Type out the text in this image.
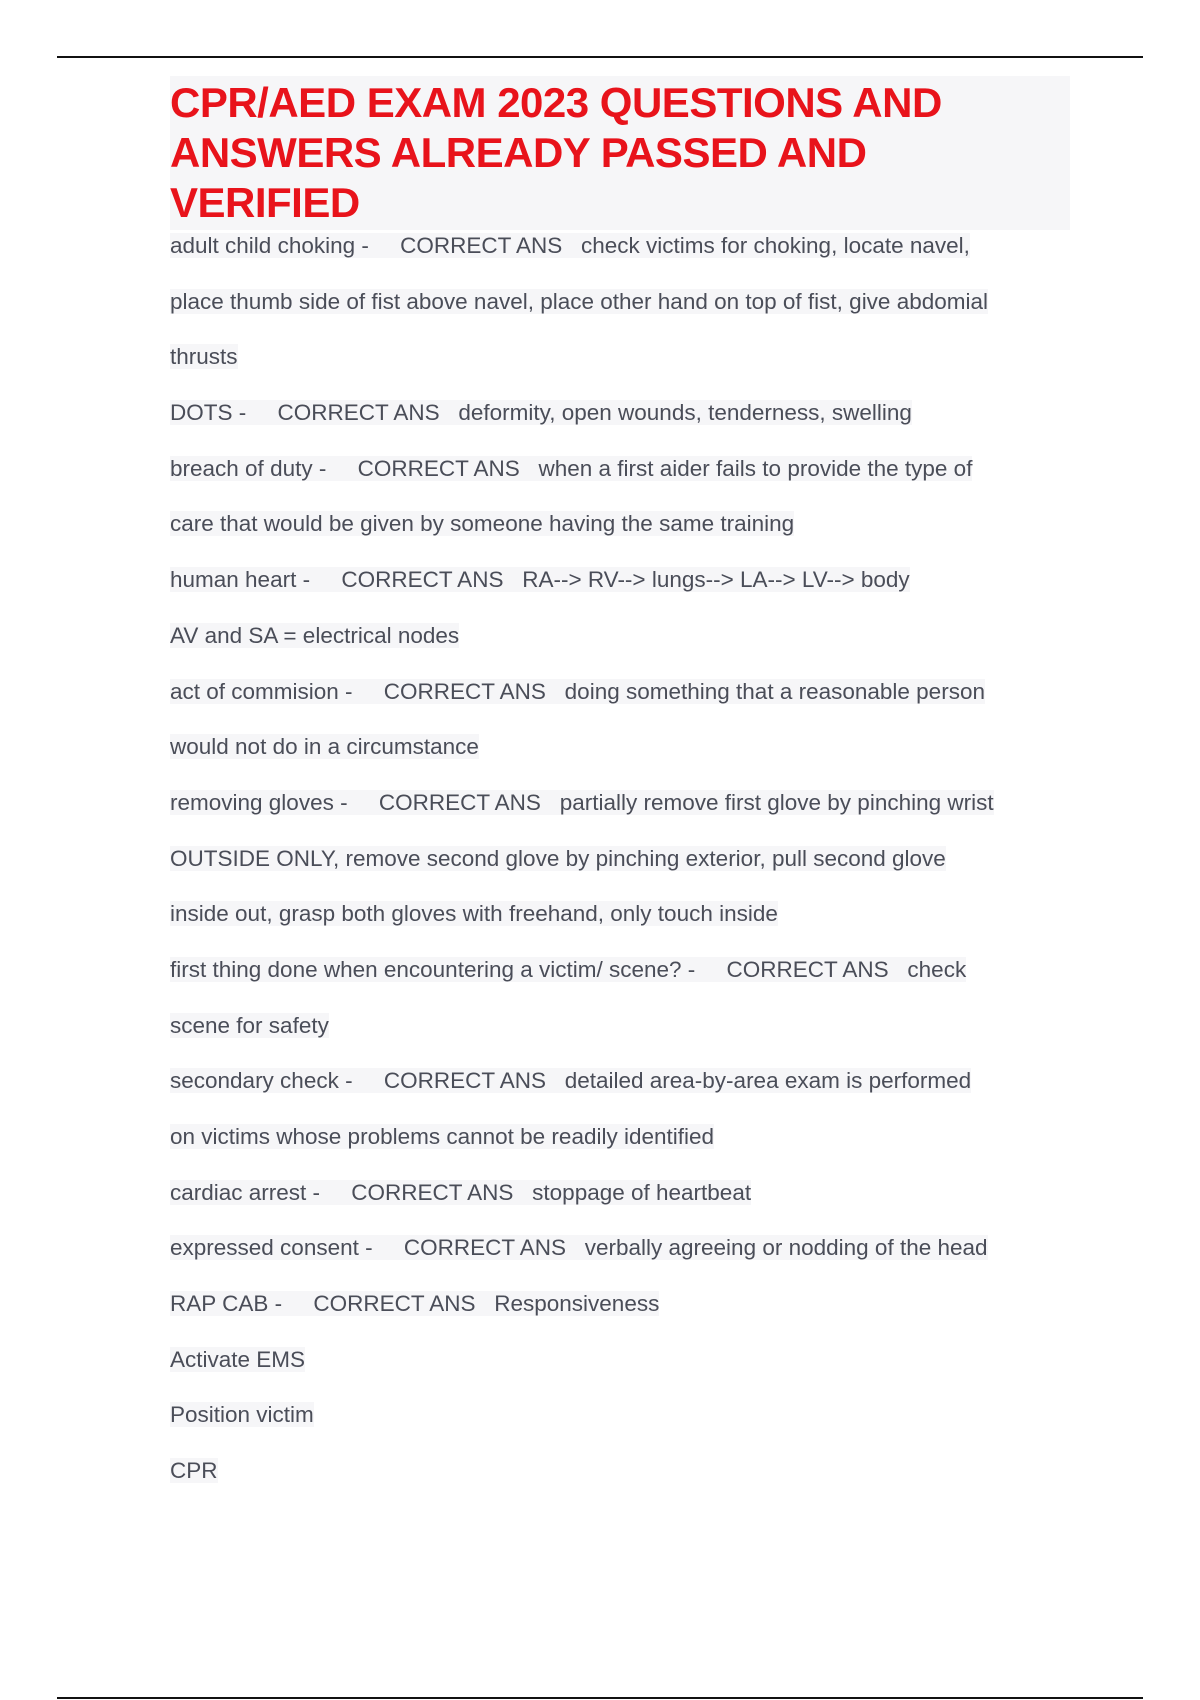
CPR/AED EXAM 2023 QUESTIONS AND ANSWERS ALREADY PASSED AND VERIFIED
adult child choking -     CORRECT ANS   check victims for choking, locate navel,
place thumb side of fist above navel, place other hand on top of fist, give abdomial
thrusts
DOTS -     CORRECT ANS   deformity, open wounds, tenderness, swelling
breach of duty -     CORRECT ANS   when a first aider fails to provide the type of
care that would be given by someone having the same training
human heart -     CORRECT ANS   RA--> RV--> lungs--> LA--> LV--> body
AV and SA = electrical nodes
act of commision -     CORRECT ANS   doing something that a reasonable person
would not do in a circumstance
removing gloves -     CORRECT ANS   partially remove first glove by pinching wrist
OUTSIDE ONLY, remove second glove by pinching exterior, pull second glove
inside out, grasp both gloves with freehand, only touch inside
first thing done when encountering a victim/ scene? -     CORRECT ANS   check
scene for safety
secondary check -     CORRECT ANS   detailed area-by-area exam is performed
on victims whose problems cannot be readily identified
cardiac arrest -     CORRECT ANS   stoppage of heartbeat
expressed consent -     CORRECT ANS   verbally agreeing or nodding of the head
RAP CAB -     CORRECT ANS   Responsiveness
Activate EMS
Position victim
CPR
